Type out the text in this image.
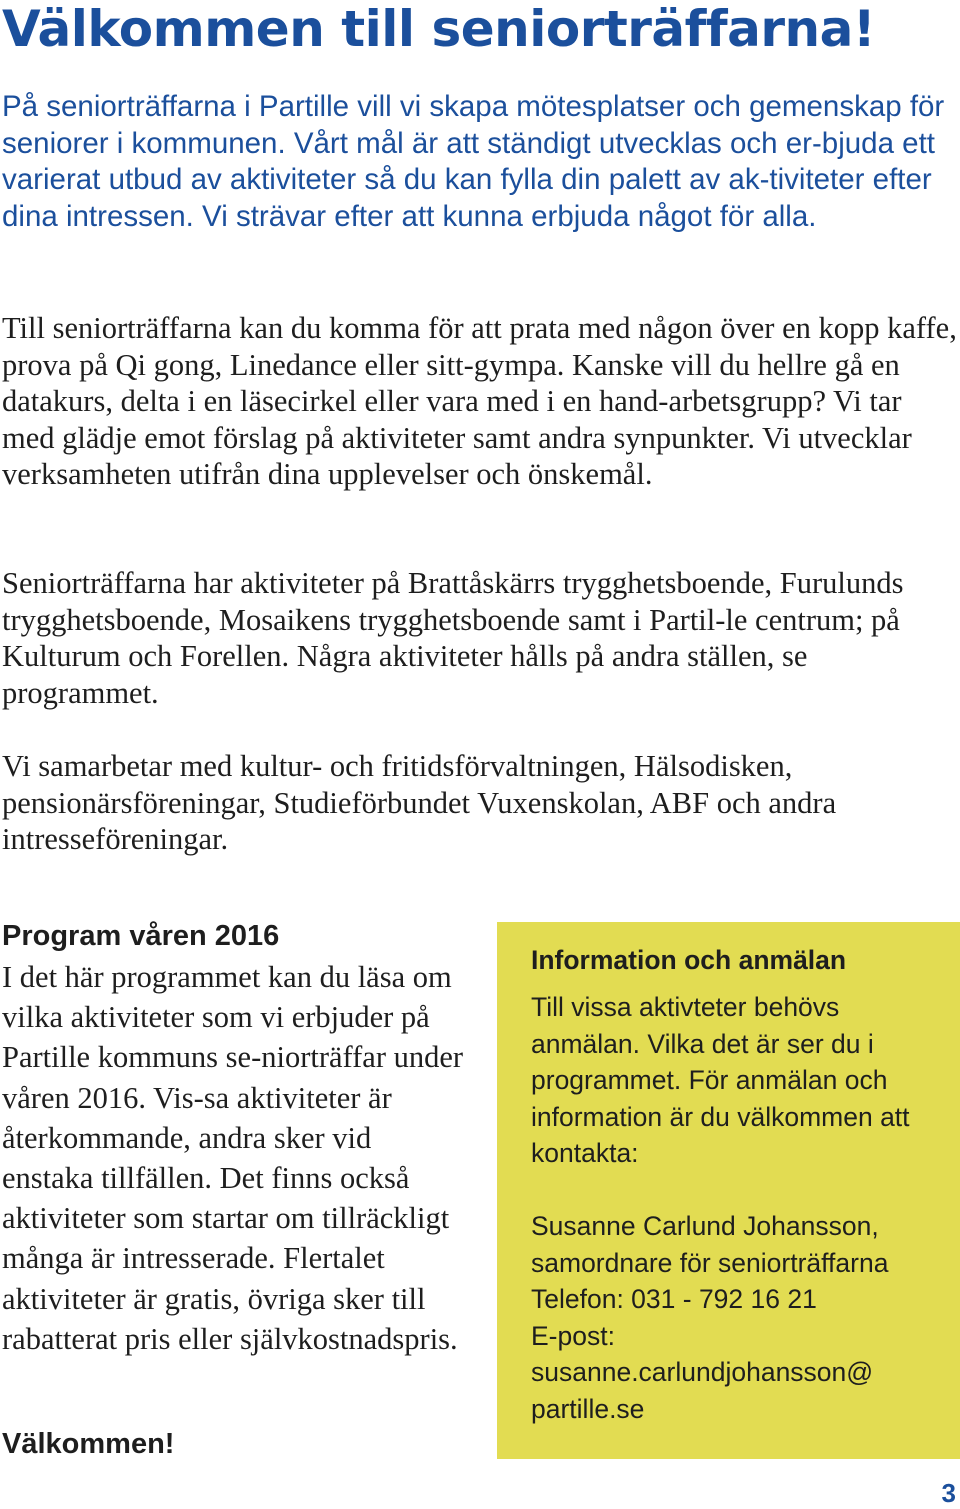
Välkommen till seniorträffarna!

På seniorträffarna i Partille vill vi skapa mötesplatser och gemenskap för seniorer i kommunen. Vårt mål är att ständigt utvecklas och er-bjuda ett varierat utbud av aktiviteter så du kan fylla din palett av ak-tiviteter efter dina intressen. Vi strävar efter att kunna erbjuda något för alla.

Till seniorträffarna kan du komma för att prata med någon över en kopp kaffe, prova på Qi gong, Linedance eller sitt-gympa. Kanske vill du hellre gå en datakurs, delta i en läsecirkel eller vara med i en hand-arbetsgrupp? Vi tar med glädje emot förslag på aktiviteter samt andra synpunkter. Vi utvecklar verksamheten utifrån dina upplevelser och önskemål.

Seniorträffarna har aktiviteter på Brattåskärrs trygghetsboende, Furulunds trygghetsboende, Mosaikens trygghetsboende samt i Partil-le centrum; på Kulturum och Forellen. Några aktiviteter hålls på andra ställen, se programmet.

Vi samarbetar med kultur- och fritidsförvaltningen, Hälsodisken, pensionärsföreningar, Studieförbundet Vuxenskolan, ABF och andra intresseföreningar.

Program våren 2016

I det här programmet kan du läsa om vilka aktiviteter som vi erbjuder på Partille kommuns se-niorträffar under våren 2016. Vis-sa aktiviteter är återkommande, andra sker vid enstaka tillfällen. Det finns också aktiviteter som startar om tillräckligt många är intresserade. Flertalet aktiviteter är gratis, övriga sker till rabatterat pris eller självkostnadspris.

Välkommen!

Information och anmälan

Till vissa aktivteter behövs anmälan. Vilka det är ser du i programmet. För anmälan och information är du välkommen att kontakta:

Susanne Carlund Johansson,
samordnare för seniorträffarna
Telefon: 031 - 792 16 21
E-post:
susanne.carlundjohansson@
partille.se
3
